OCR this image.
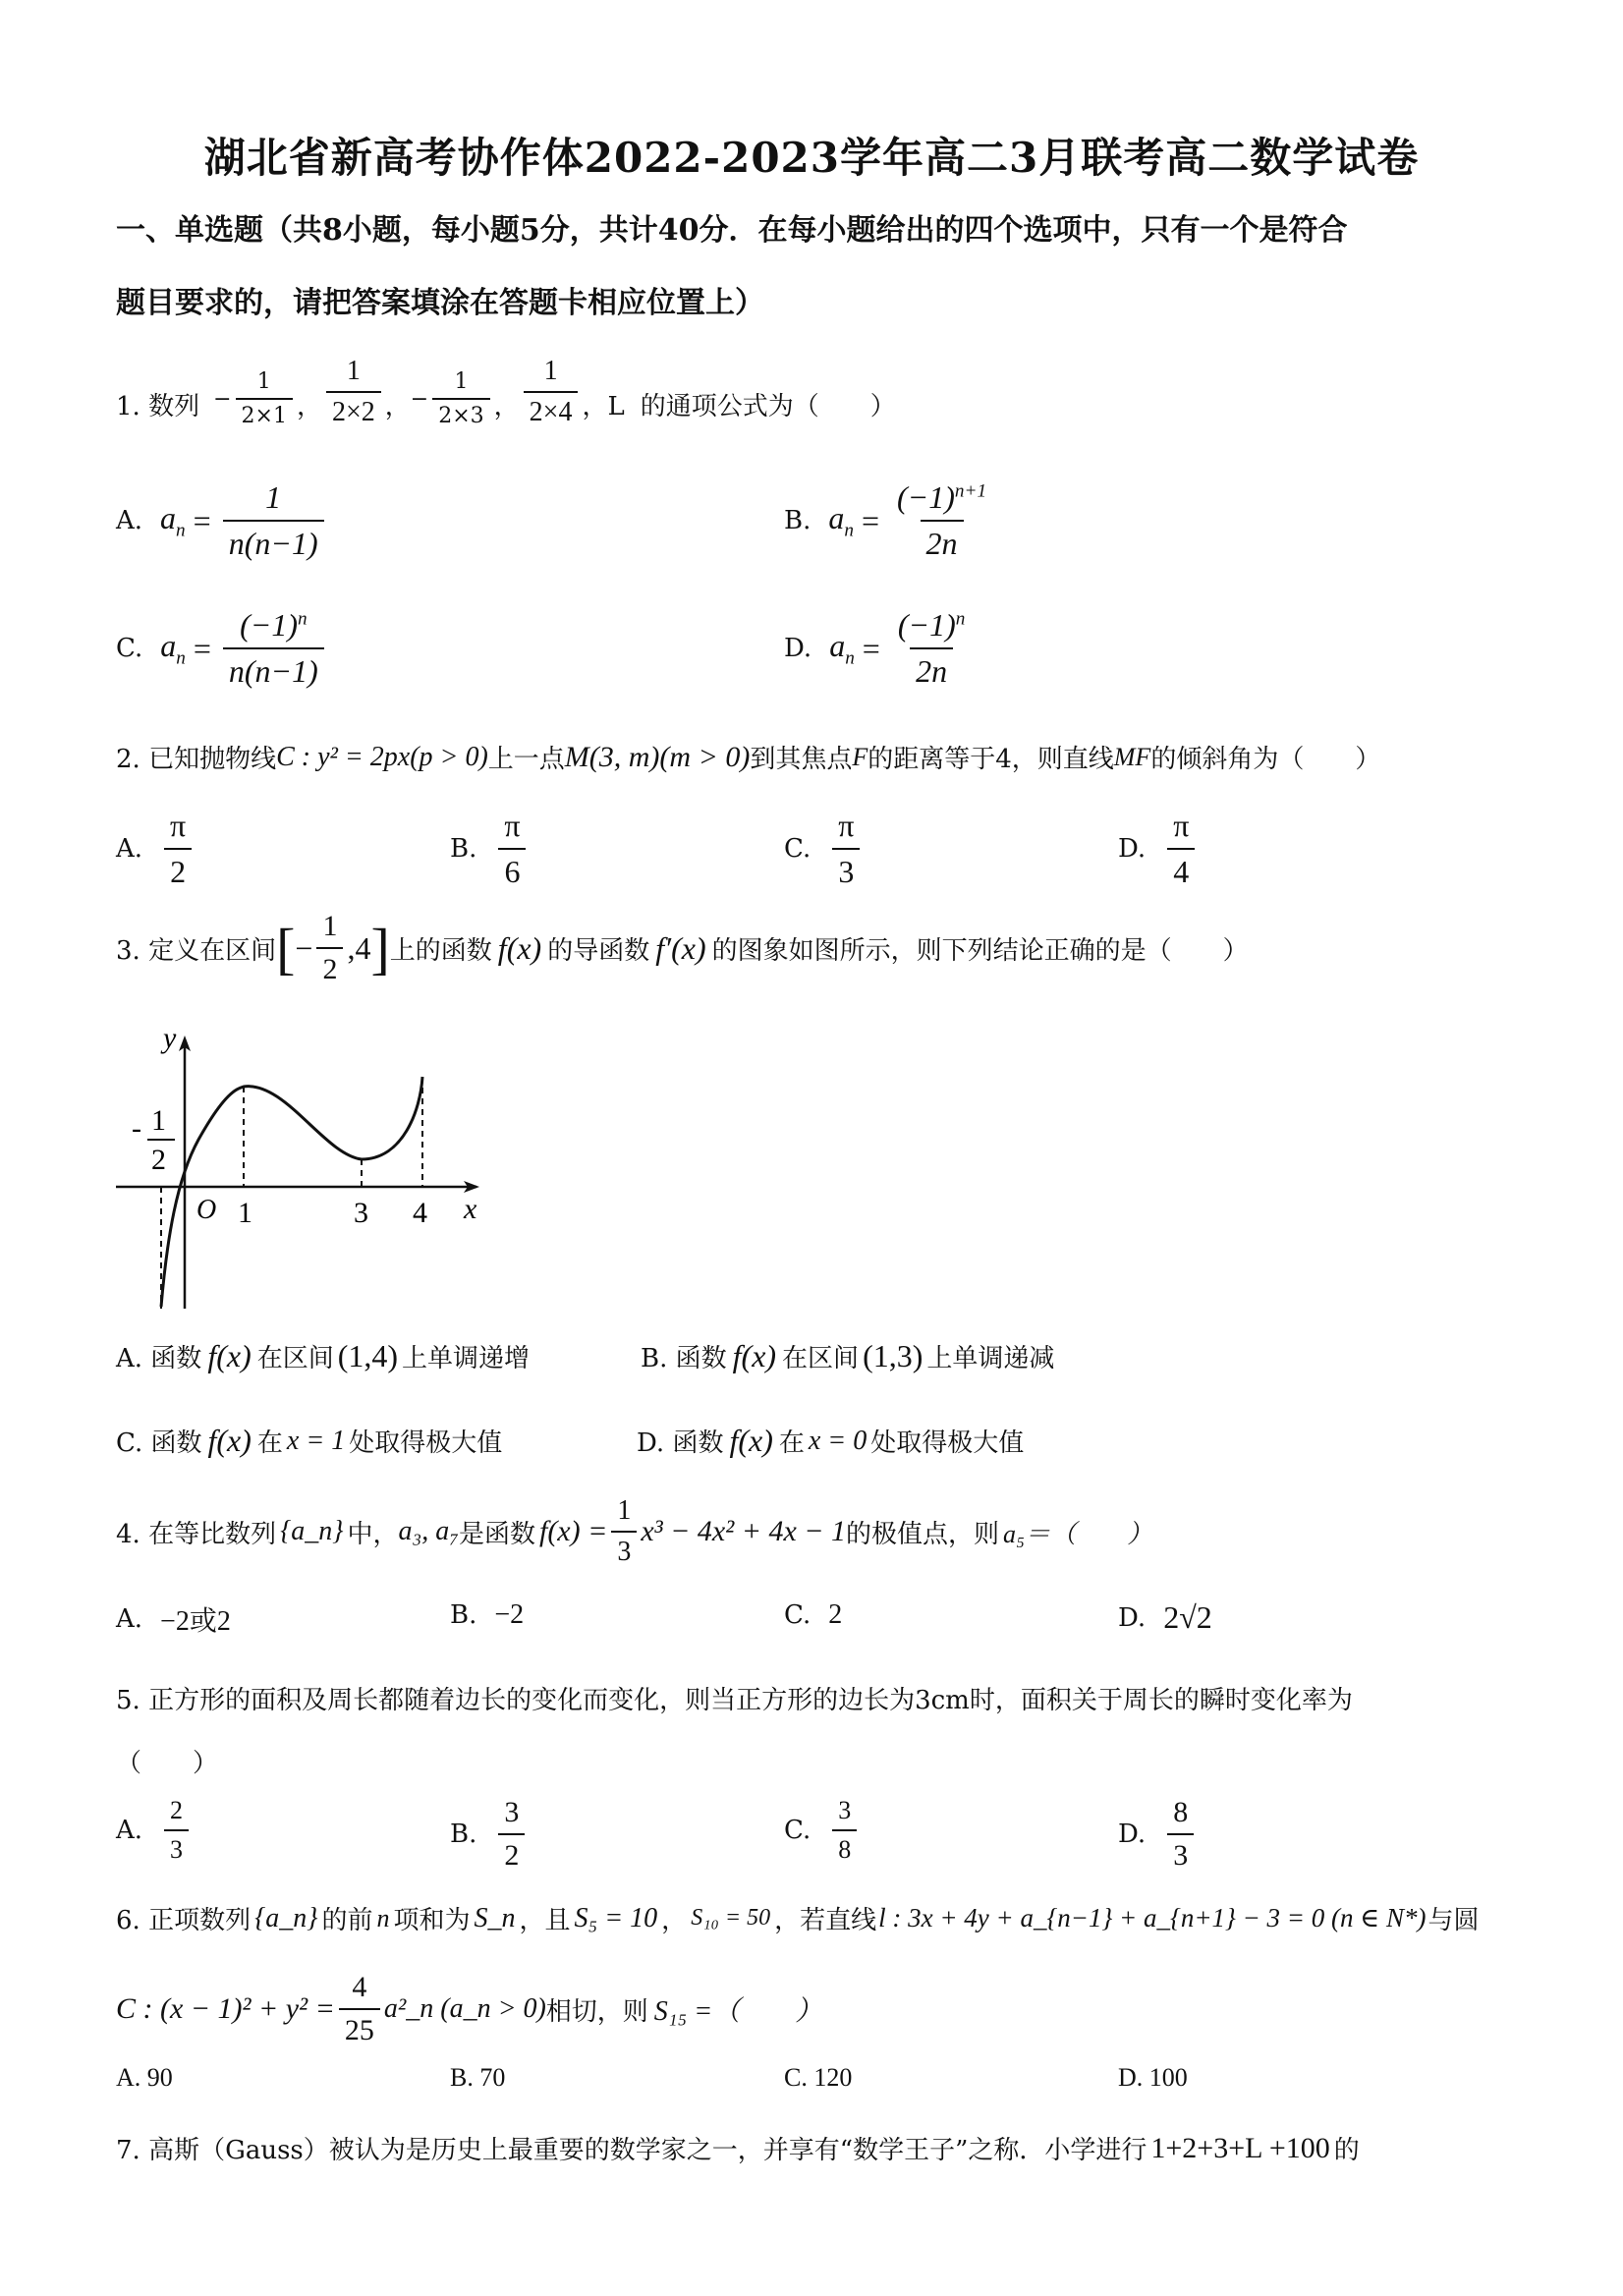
湖北省新高考协作体2022-2023学年高二3月联考高二数学试卷
一、单选题（共8小题，每小题5分，共计40分．在每小题给出的四个选项中，只有一个是符合
题目要求的，请把答案填涂在答题卡相应位置上）
1. 数列 − $\frac{1}{2\times 1}$ ， $\frac{1}{2\times 2}$ ， − $\frac{1}{2\times 3}$ ， $\frac{1}{2\times 4}$ ，L 的通项公式为（　　）
A. $a_n = \frac{1}{n(n-1)}$	B. $a_n = \frac{(-1)^{n+1}}{2n}$
C. $a_n = \frac{(-1)^n}{n(n-1)}$	D. $a_n = \frac{(-1)^n}{2n}$
2. 已知抛物线 C : y² = 2px(p > 0) 上一点 M(3, m)(m > 0) 到其焦点 F 的距离等于4，则直线 MF 的倾斜角为（　　）
A. $\frac{\pi}{2}$	B. $\frac{\pi}{6}$	C. $\frac{\pi}{3}$	D. $\frac{\pi}{4}$
3. 定义在区间 [ − $\frac{1}{2} ,4$ ] 上的函数 f(x) 的导函数 f′(x) 的图象如图所示，则下列结论正确的是（　　）
y
x
O 1	3 4
- 1
2
A. 函数 f(x) 在区间 (1,4) 上单调递增	B. 函数 f(x) 在区间 (1,3) 上单调递减
C. 函数 f(x) 在 x = 1 处取得极大值	D. 函数 f(x) 在 x = 0 处取得极大值
4. 在等比数列 {a_n} 中， a₃, a₇ 是函数 $f(x) = \frac{1}{3} x^3 - 4x^2 + 4x - 1$ 的极值点，则 a₅＝（　　）
A. −2或2	B. −2	C. 2	D. 2√2
5. 正方形的面积及周长都随着边长的变化而变化，则当正方形的边长为3cm时，面积关于周长的瞬时变化率为
（　　）
A. $\frac{2}{3}$	B. $\frac{3}{2}$	C. $\frac{3}{8}$	D. $\frac{8}{3}$
6. 正项数列 {a_n} 的前 n 项和为 S_n ，且 S₅ = 10 ， S₁₀ = 50 ，若直线 l : 3x + 4y + a_{n−1} + a_{n+1} − 3 = 0 (n ∈ N*) 与圆
C : $(x - 1)^2 + y^2 = \frac{4}{25}$ a²_n (a_n > 0) 相切，则 S₁₅ =（　　）
A. 90	B. 70	C. 120	D. 100
7. 高斯（Gauss）被认为是历史上最重要的数学家之一，并享有“数学王子”之称．小学进行 1+2+3+L +100 的
